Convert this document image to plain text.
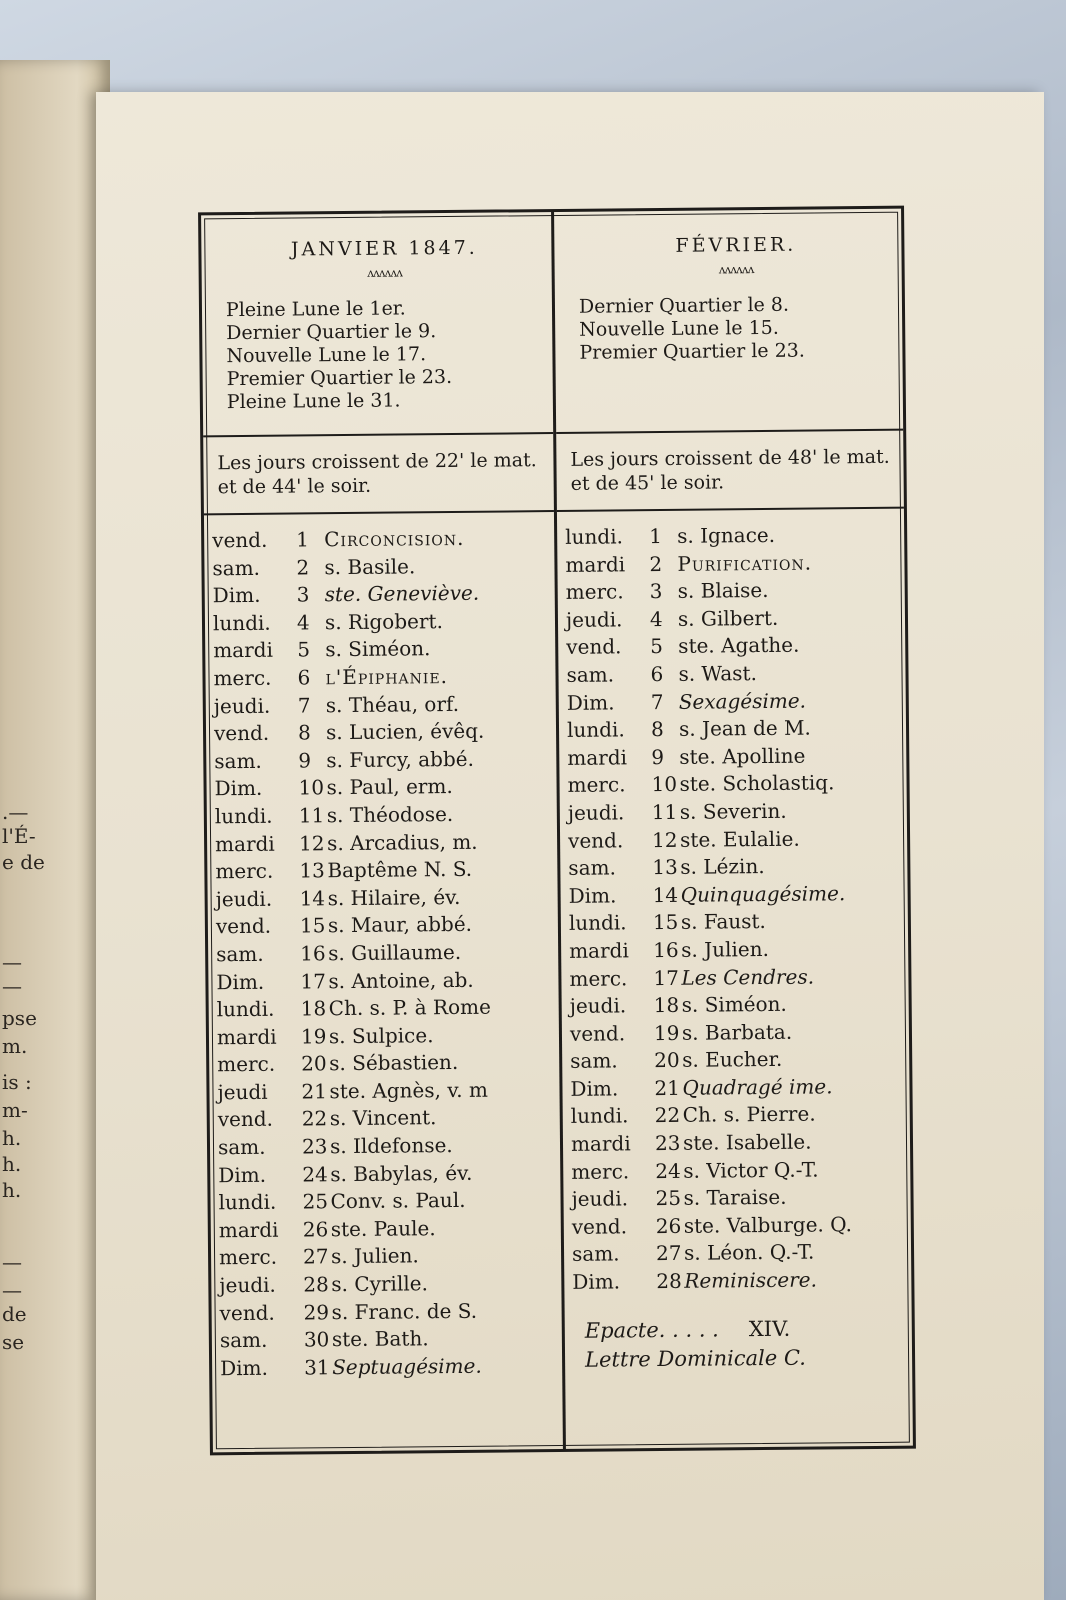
.—
l'É-
e de
—
—
pse
m.
is :
m-
h.
h.
h.
—
—
de
se
JANVIER 1847.
ʌʌʌʌʌʌ
Pleine Lune le 1er.
Dernier Quartier le 9.
Nouvelle Lune le 17.
Premier Quartier le 23.
Pleine Lune le 31.
Les jours croissent de 22' le mat. et de 44' le soir.
vend.	1 Circoncision.
sam.	2 s. Basile.
Dim.	3 ste. Geneviève.
lundi.	4 s. Rigobert.
mardi	5 s. Siméon.
merc.	6 l'Épiphanie.
jeudi.	7 s. Théau, orf.
vend.	8 s. Lucien, évêq.
sam.	9 s. Furcy, abbé.
Dim.	10 s. Paul, erm.
lundi.	11 s. Théodose.
mardi	12 s. Arcadius, m.
merc.	13 Baptême N. S.
jeudi.	14 s. Hilaire, év.
vend.	15 s. Maur, abbé.
sam.	16 s. Guillaume.
Dim.	17 s. Antoine, ab.
lundi.	18 Ch. s. P. à Rome
mardi	19 s. Sulpice.
merc.	20 s. Sébastien.
jeudi	21 ste. Agnès, v. m
vend.	22 s. Vincent.
sam.	23 s. Ildefonse.
Dim.	24 s. Babylas, év.
lundi.	25 Conv. s. Paul.
mardi	26 ste. Paule.
merc.	27 s. Julien.
jeudi.	28 s. Cyrille.
vend.	29 s. Franc. de S.
sam.	30 ste. Bath.
Dim.	31 Septuagésime.
FÉVRIER.
ʌʌʌʌʌʌ
Dernier Quartier le 8.
Nouvelle Lune le 15.
Premier Quartier le 23.
Les jours croissent de 48' le mat. et de 45' le soir.
lundi.	1 s. Ignace.
mardi	2 Purification.
merc.	3 s. Blaise.
jeudi.	4 s. Gilbert.
vend.	5 ste. Agathe.
sam.	6 s. Wast.
Dim.	7 Sexagésime.
lundi.	8 s. Jean de M.
mardi	9 ste. Apolline
merc.	10 ste. Scholastiq.
jeudi.	11 s. Severin.
vend.	12 ste. Eulalie.
sam.	13 s. Lézin.
Dim.	14 Quinquagésime.
lundi.	15 s. Faust.
mardi	16 s. Julien.
merc.	17 Les Cendres.
jeudi.	18 s. Siméon.
vend.	19 s. Barbata.
sam.	20 s. Eucher.
Dim.	21 Quadragé ime.
lundi.	22 Ch. s. Pierre.
mardi	23 ste. Isabelle.
merc.	24 s. Victor Q.-T.
jeudi.	25 s. Taraise.
vend.	26 ste. Valburge. Q.
sam.	27 s. Léon. Q.-T.
Dim.	28 Reminiscere.
Epacte. . . . . XIV.
Lettre Dominicale C.
